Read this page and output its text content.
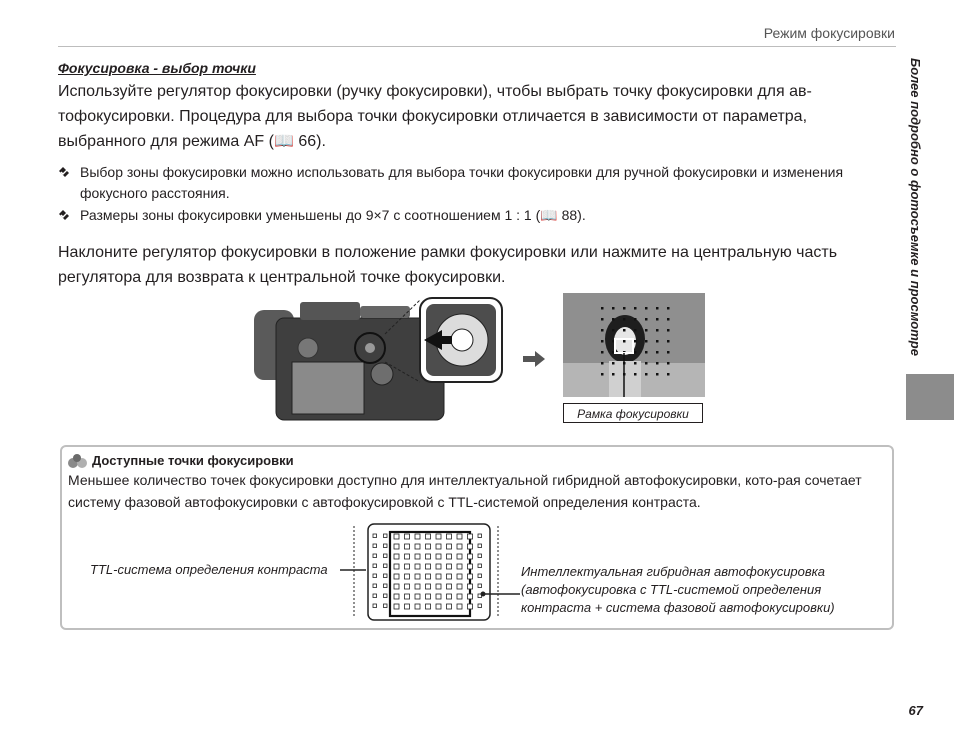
Режим фокусировки
Фокусировка - выбор точки
Используйте регулятор фокусировки (ручку фокусировки), чтобы выбрать точку фокусировки для ав-тофокусировки. Процедура для выбора точки фокусировки отличается в зависимости от параметра, выбранного для режима AF (📖 66).
Выбор зоны фокусировки можно использовать для выбора точки фокусировки для ручной фокусировки и изменения фокусного расстояния.
Размеры зоны фокусировки уменьшены до 9×7 с соотношением 1 : 1 (📖 88).
Наклоните регулятор фокусировки в положение рамки фокусировки или нажмите на центральную часть регулятора для возврата к центральной точке фокусировки.
Рамка фокусировки
Доступные точки фокусировки
Меньшее количество точек фокусировки доступно для интеллектуальной гибридной автофокусировки, кото-рая сочетает систему фазовой автофокусировки с автофокусировкой с TTL-системой определения контраста.
TTL-система определения контраста	Интеллектуальная гибридная автофокусировка (автофокусировка с TTL-системой определения контраста + система фазовой автофокусировки)
Более подробно о фотосъемке и просмотре
67
